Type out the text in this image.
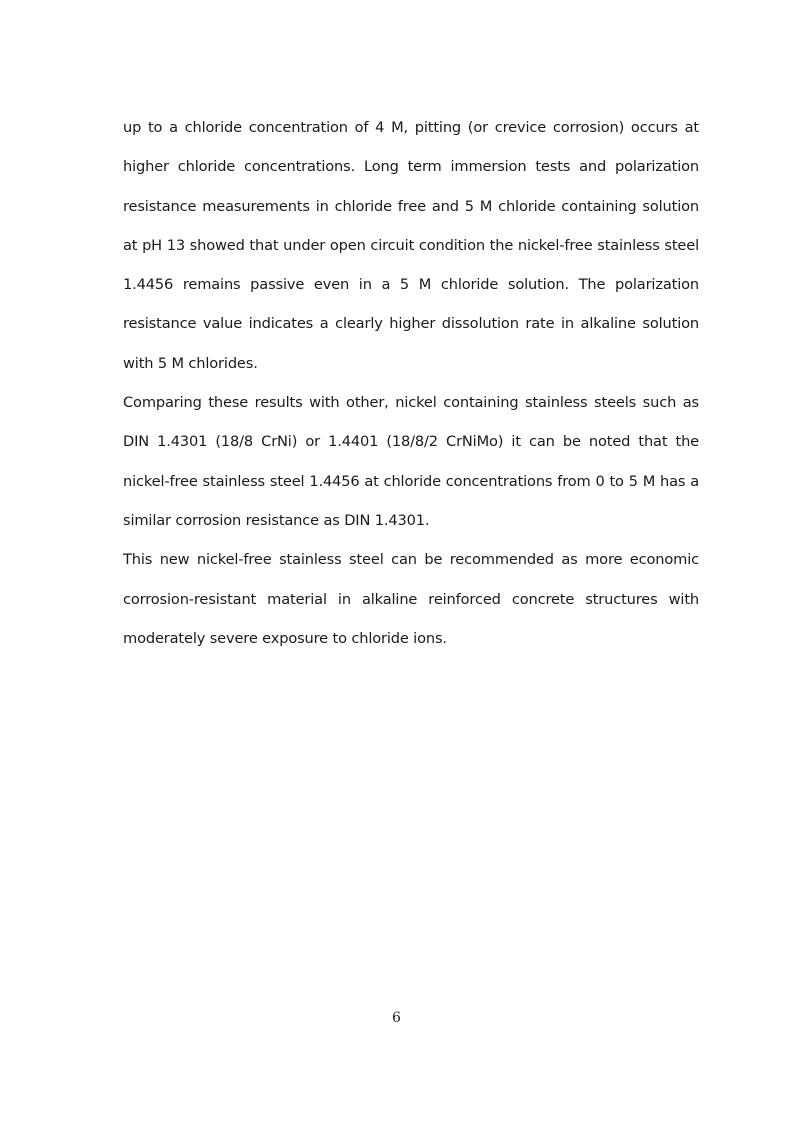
up to a chloride concentration of 4 M, pitting (or crevice corrosion) occurs at higher chloride concentrations. Long term immersion tests and polarization resistance measurements in chloride free and 5 M chloride containing solution at pH 13 showed that under open circuit condition the nickel-free stainless steel 1.4456 remains passive even in a 5 M chloride solution. The polarization resistance value indicates a clearly higher dissolution rate in alkaline solution with 5 M chlorides.

Comparing these results with other, nickel containing stainless steels such as DIN 1.4301 (18/8 CrNi) or 1.4401 (18/8/2 CrNiMo) it can be noted that the nickel-free stainless steel 1.4456 at chloride concentrations from 0 to 5 M has a similar corrosion resistance as DIN 1.4301.

This new nickel-free stainless steel can be recommended as more economic corrosion-resistant material in alkaline reinforced concrete structures with moderately severe exposure to chloride ions.

6
